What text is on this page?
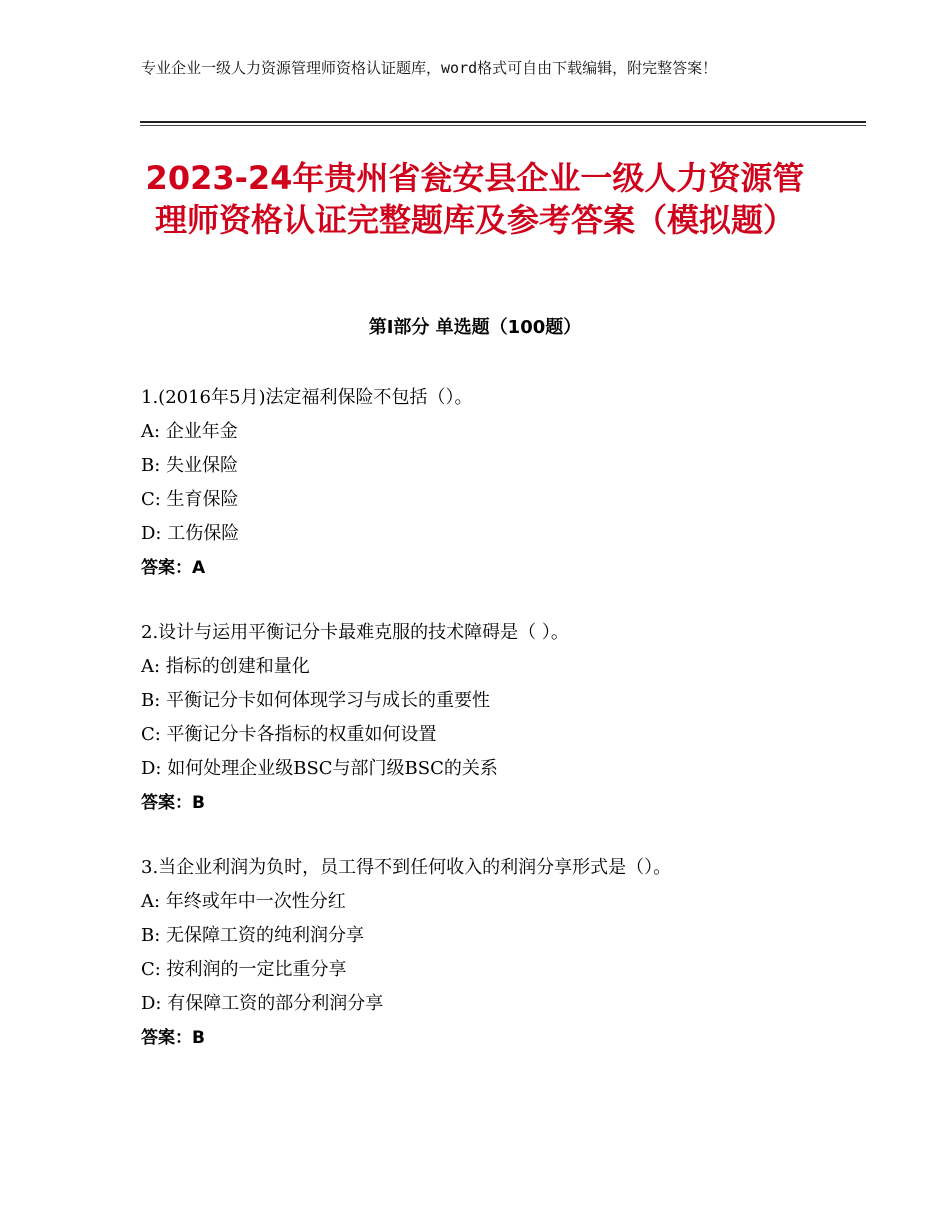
专业企业一级人力资源管理师资格认证题库，word格式可自由下载编辑，附完整答案！
2023-24年贵州省瓮安县企业一级人力资源管理师资格认证完整题库及参考答案（模拟题）
第I部分 单选题（100题）
1.(2016年5月)法定福利保险不包括（）。
A: 企业年金
B: 失业保险
C: 生育保险
D: 工伤保险
答案：A
2.设计与运用平衡记分卡最难克服的技术障碍是（ ）。
A: 指标的创建和量化
B: 平衡记分卡如何体现学习与成长的重要性
C: 平衡记分卡各指标的权重如何设置
D: 如何处理企业级BSC与部门级BSC的关系
答案：B
3.当企业利润为负时，员工得不到任何收入的利润分享形式是（）。
A: 年终或年中一次性分红
B: 无保障工资的纯利润分享
C: 按利润的一定比重分享
D: 有保障工资的部分利润分享
答案：B
